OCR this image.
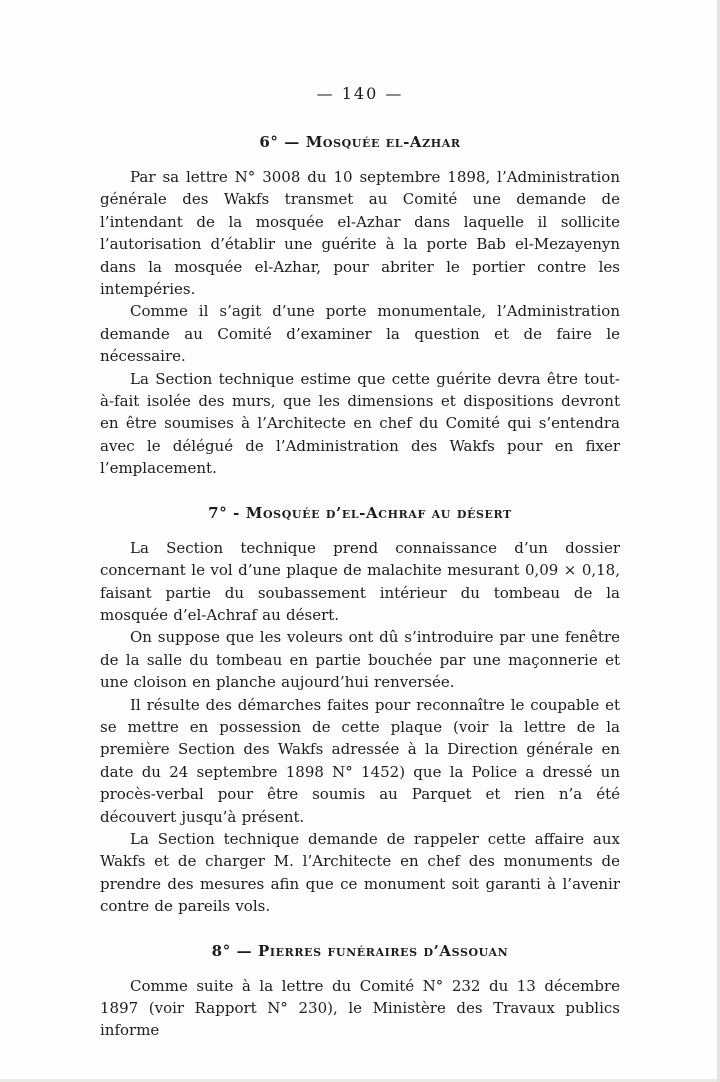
— 140 —
6° — Mosquée el-Azhar

Par sa lettre N° 3008 du 10 septembre 1898, l’Administration générale des Wakfs transmet au Comité une demande de l’intendant de la mosquée el-Azhar dans laquelle il sollicite l’autorisation d’établir une guérite à la porte Bab el-Mezayenyn dans la mosquée el-Azhar, pour abriter le portier contre les intempéries.

Comme il s’agit d’une porte monumentale, l’Administration demande au Comité d’examiner la question et de faire le nécessaire.

La Section technique estime que cette guérite devra être tout-à-fait isolée des murs, que les dimensions et dispositions devront en être soumises à l’Architecte en chef du Comité qui s’entendra avec le délégué de l’Administration des Wakfs pour en fixer l’emplacement.

7° - Mosquée d’el-Achraf au désert

La Section technique prend connaissance d’un dossier concernant le vol d’une plaque de malachite mesurant 0,09 × 0,18, faisant partie du soubassement intérieur du tombeau de la mosquée d’el-Achraf au désert.

On suppose que les voleurs ont dû s’introduire par une fenêtre de la salle du tombeau en partie bouchée par une maçonnerie et une cloison en planche aujourd’hui renversée.

Il résulte des démarches faites pour reconnaître le coupable et se mettre en possession de cette plaque (voir la lettre de la première Section des Wakfs adressée à la Direction générale en date du 24 septembre 1898 N° 1452) que la Police a dressé un procès-verbal pour être soumis au Parquet et rien n’a été découvert jusqu’à présent.

La Section technique demande de rappeler cette affaire aux Wakfs et de charger M. l’Architecte en chef des monuments de prendre des mesures afin que ce monument soit garanti à l’avenir contre de pareils vols.

8° — Pierres funéraires d’Assouan

Comme suite à la lettre du Comité N° 232 du 13 décembre 1897 (voir Rapport N° 230), le Ministère des Travaux publics informe
